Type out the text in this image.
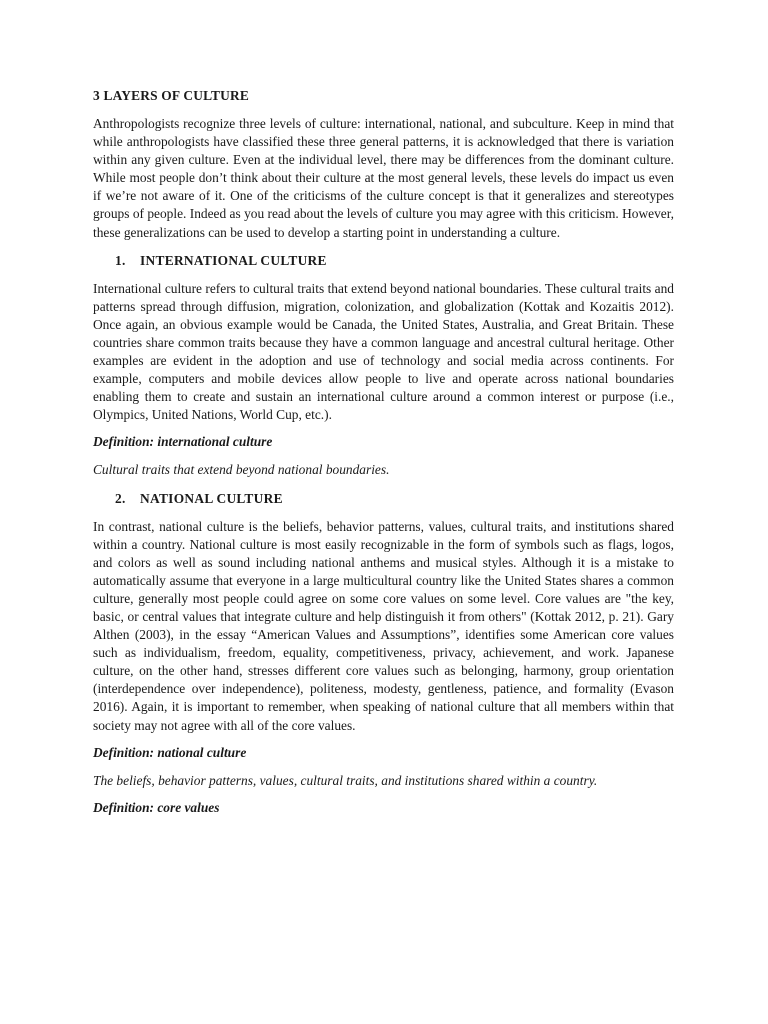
3 LAYERS OF CULTURE

Anthropologists recognize three levels of culture: international, national, and subculture. Keep in mind that while anthropologists have classified these three general patterns, it is acknowledged that there is variation within any given culture. Even at the individual level, there may be differences from the dominant culture. While most people don’t think about their culture at the most general levels, these levels do impact us even if we’re not aware of it. One of the criticisms of the culture concept is that it generalizes and stereotypes groups of people. Indeed as you read about the levels of culture you may agree with this criticism. However, these generalizations can be used to develop a starting point in understanding a culture.

1.	INTERNATIONAL CULTURE

International culture refers to cultural traits that extend beyond national boundaries. These cultural traits and patterns spread through diffusion, migration, colonization, and globalization (Kottak and Kozaitis 2012). Once again, an obvious example would be Canada, the United States, Australia, and Great Britain. These countries share common traits because they have a common language and ancestral cultural heritage. Other examples are evident in the adoption and use of technology and social media across continents. For example, computers and mobile devices allow people to live and operate across national boundaries enabling them to create and sustain an international culture around a common interest or purpose (i.e., Olympics, United Nations, World Cup, etc.).

Definition: international culture

Cultural traits that extend beyond national boundaries.

2.	NATIONAL CULTURE

In contrast, national culture is the beliefs, behavior patterns, values, cultural traits, and institutions shared within a country. National culture is most easily recognizable in the form of symbols such as flags, logos, and colors as well as sound including national anthems and musical styles. Although it is a mistake to automatically assume that everyone in a large multicultural country like the United States shares a common culture, generally most people could agree on some core values on some level. Core values are "the key, basic, or central values that integrate culture and help distinguish it from others" (Kottak 2012, p. 21). Gary Althen (2003), in the essay “American Values and Assumptions”, identifies some American core values such as individualism, freedom, equality, competitiveness, privacy, achievement, and work. Japanese culture, on the other hand, stresses different core values such as belonging, harmony, group orientation (interdependence over independence), politeness, modesty, gentleness, patience, and formality (Evason 2016). Again, it is important to remember, when speaking of national culture that all members within that society may not agree with all of the core values.

Definition: national culture

The beliefs, behavior patterns, values, cultural traits, and institutions shared within a country.

Definition: core values
